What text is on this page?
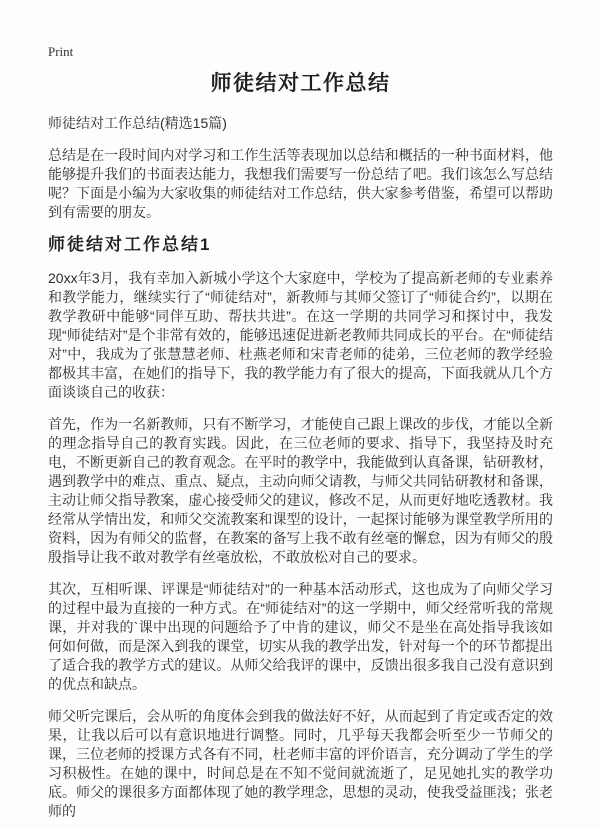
Print
师徒结对工作总结

师徒结对工作总结(精选15篇)

总结是在一段时间内对学习和工作生活等表现加以总结和概括的一种书面材料，他能够提升我们的书面表达能力，我想我们需要写一份总结了吧。我们该怎么写总结呢？下面是小编为大家收集的师徒结对工作总结，供大家参考借鉴，希望可以帮助到有需要的朋友。

师徒结对工作总结1

20xx年3月，我有幸加入新城小学这个大家庭中，学校为了提高新老师的专业素养和教学能力，继续实行了“师徒结对”，新教师与其师父签订了“师徒合约”，以期在教学教研中能够“同伴互助、帮扶共进”。在这一学期的共同学习和探讨中，我发现“师徒结对”是个非常有效的，能够迅速促进新老教师共同成长的平台。在“师徒结对”中，我成为了张慧慧老师、杜燕老师和宋青老师的徒弟，三位老师的教学经验都极其丰富，在她们的指导下，我的教学能力有了很大的提高，下面我就从几个方面谈谈自己的收获：

首先，作为一名新教师，只有不断学习，才能使自己跟上课改的步伐，才能以全新的理念指导自己的教育实践。因此，在三位老师的要求、指导下，我坚持及时充电，不断更新自己的教育观念。在平时的教学中，我能做到认真备课，钻研教材，遇到教学中的难点、重点、疑点，主动向师父请教，与师父共同钻研教材和备课，主动让师父指导教案，虚心接受师父的建议，修改不足，从而更好地吃透教材。我经常从学情出发，和师父交流教案和课型的设计，一起探讨能够为课堂教学所用的资料，因为有师父的监督，在教案的备写上我不敢有丝毫的懈怠，因为有师父的殷殷指导让我不敢对教学有丝毫放松，不敢放松对自己的要求。

其次，互相听课、评课是“师徒结对”的一种基本活动形式，这也成为了向师父学习的过程中最为直接的一种方式。在“师徒结对”的这一学期中，师父经常听我的常规课，并对我的`课中出现的问题给予了中肯的建议，师父不是坐在高处指导我该如何如何做，而是深入到我的课堂，切实从我的教学出发，针对每一个的环节都提出了适合我的教学方式的建议。从师父给我评的课中，反馈出很多我自己没有意识到的优点和缺点。

师父听完课后，会从听的角度体会到我的做法好不好，从而起到了肯定或否定的效果，让我以后可以有意识地进行调整。同时，几乎每天我都会听至少一节师父的课，三位老师的授课方式各有不同，杜老师丰富的评价语言，充分调动了学生的学习积极性。在她的课中，时间总是在不知不觉间就流逝了，足见她扎实的教学功底。师父的课很多方面都体现了她的教学理念，思想的灵动，使我受益匪浅；张老师的
